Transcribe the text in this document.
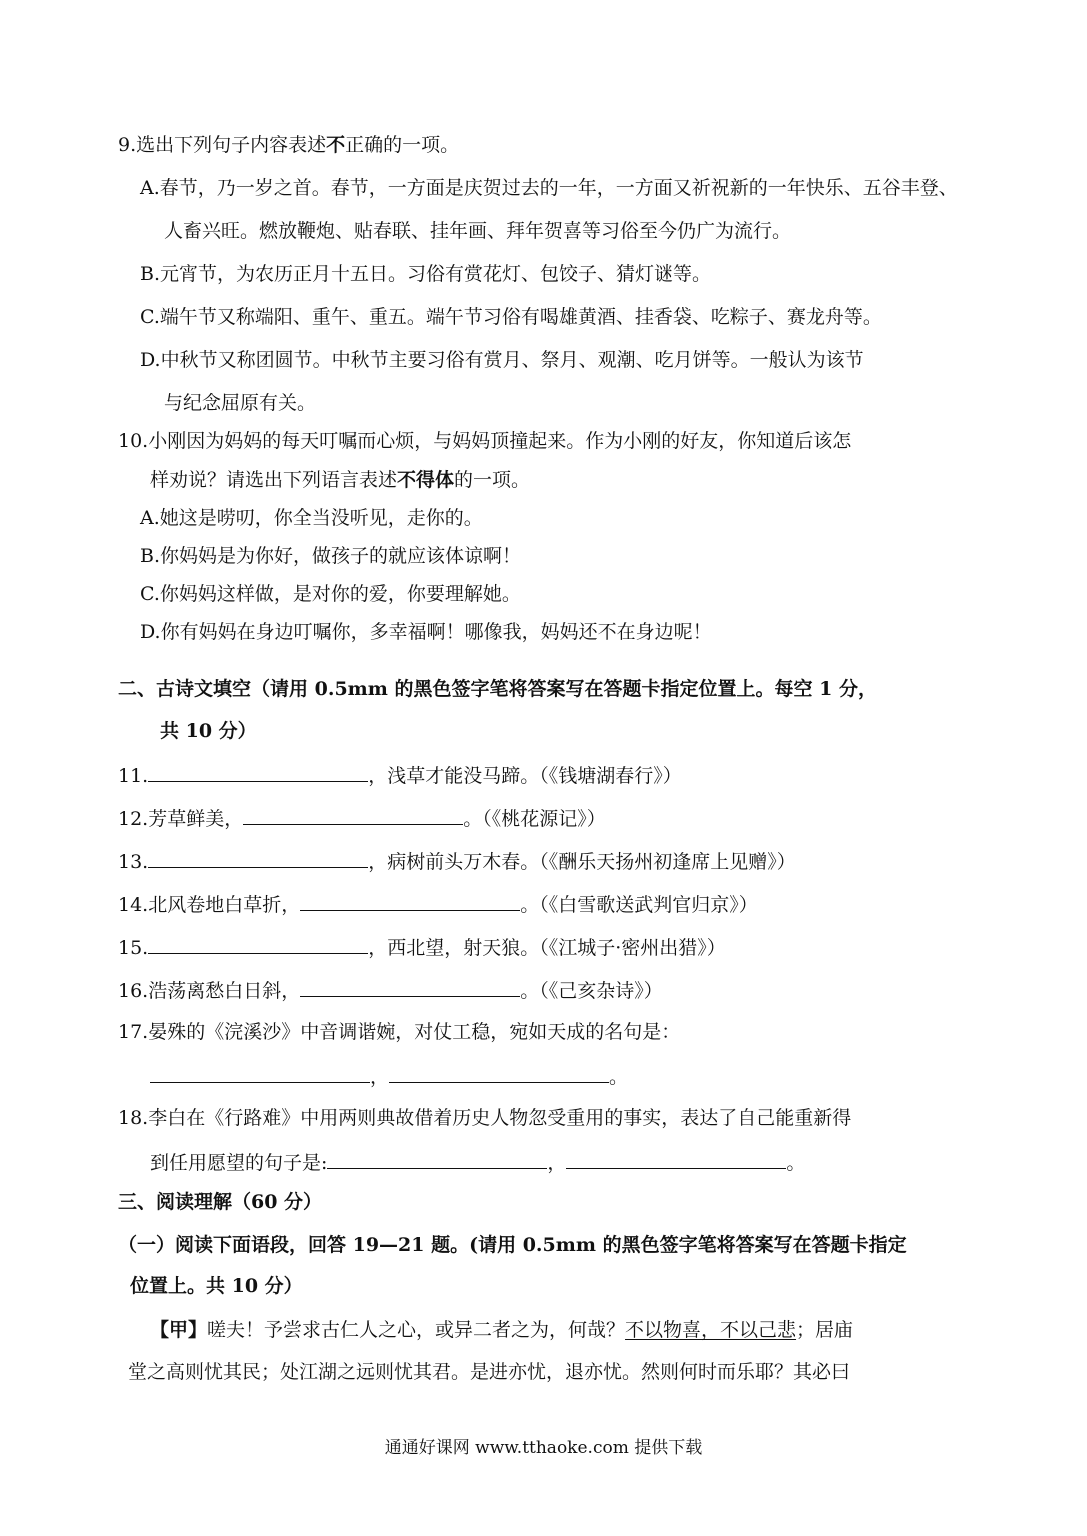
9.选出下列句子内容表述不正确的一项。
A.春节，乃一岁之首。春节，一方面是庆贺过去的一年，一方面又祈祝新的一年快乐、五谷丰登、
人畜兴旺。燃放鞭炮、贴春联、挂年画、拜年贺喜等习俗至今仍广为流行。
B.元宵节，为农历正月十五日。习俗有赏花灯、包饺子、猜灯谜等。
C.端午节又称端阳、重午、重五。端午节习俗有喝雄黄酒、挂香袋、吃粽子、赛龙舟等。
D.中秋节又称团圆节。中秋节主要习俗有赏月、祭月、观潮、吃月饼等。一般认为该节
与纪念屈原有关。
10.小刚因为妈妈的每天叮嘱而心烦，与妈妈顶撞起来。作为小刚的好友，你知道后该怎
样劝说？请选出下列语言表述不得体的一项。
A.她这是唠叨，你全当没听见，走你的。
B.你妈妈是为你好，做孩子的就应该体谅啊！
C.你妈妈这样做，是对你的爱，你要理解她。
D.你有妈妈在身边叮嘱你，多幸福啊！哪像我，妈妈还不在身边呢！
二、古诗文填空（请用 0.5mm 的黑色签字笔将答案写在答题卡指定位置上。每空 1 分，
共 10 分）
11.	，浅草才能没马蹄。（《钱塘湖春行》）
12.芳草鲜美，	。（《桃花源记》）
13.	，病树前头万木春。（《酬乐天扬州初逢席上见赠》）
14.北风卷地白草折，	。（《白雪歌送武判官归京》）
15.	，西北望，射天狼。（《江城子·密州出猎》）
16.浩荡离愁白日斜，	。（《己亥杂诗》）
17.晏殊的《浣溪沙》中音调谐婉，对仗工稳，宛如天成的名句是：
，	。
18.李白在《行路难》中用两则典故借着历史人物忽受重用的事实，表达了自己能重新得
到任用愿望的句子是:	，	。
三、阅读理解（60 分）
（一）阅读下面语段，回答 19—21 题。(请用 0.5mm 的黑色签字笔将答案写在答题卡指定
位置上。共 10 分）
【甲】嗟夫！予尝求古仁人之心，或异二者之为，何哉？不以物喜，不以己悲；居庙
堂之高则忧其民；处江湖之远则忧其君。是进亦忧，退亦忧。然则何时而乐耶？其必曰
通通好课网 www.tthaoke.com 提供下载
